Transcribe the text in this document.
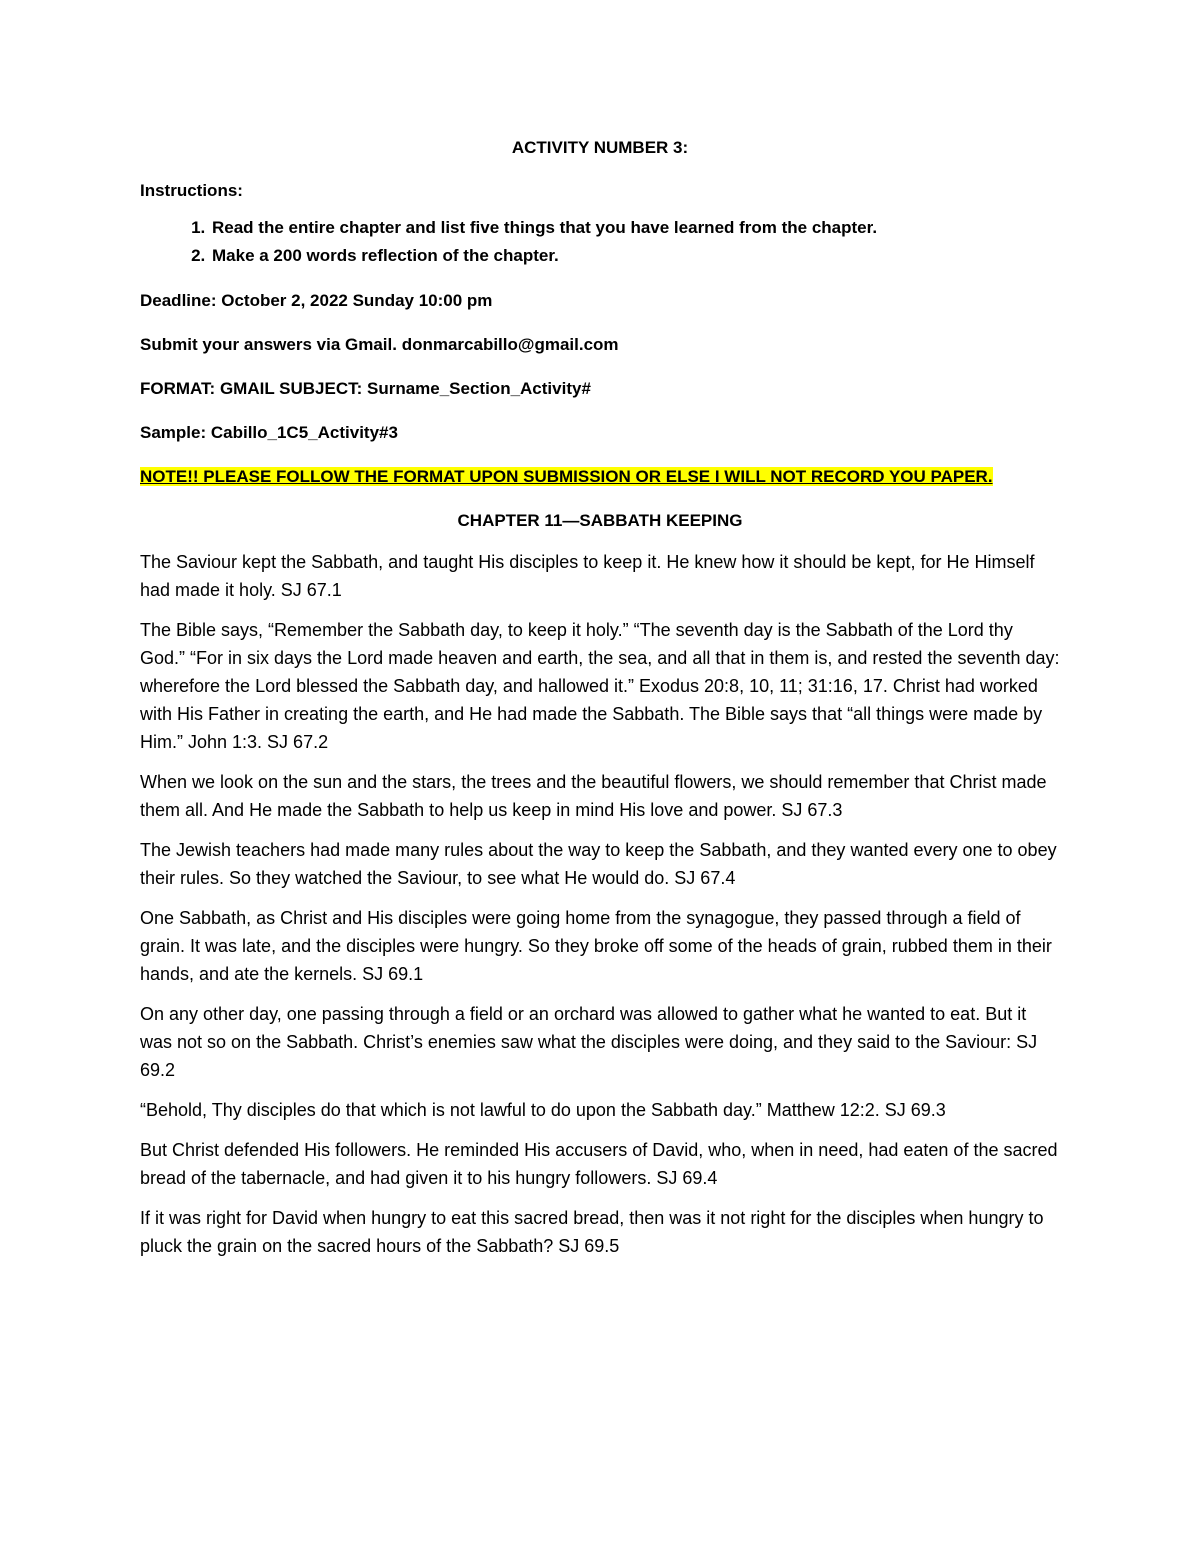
ACTIVITY NUMBER 3:
Instructions:
1. Read the entire chapter and list five things that you have learned from the chapter.
2. Make a 200 words reflection of the chapter.
Deadline: October 2, 2022 Sunday 10:00 pm
Submit your answers via Gmail. donmarcabillo@gmail.com
FORMAT: GMAIL SUBJECT: Surname_Section_Activity#
Sample: Cabillo_1C5_Activity#3
NOTE!! PLEASE FOLLOW THE FORMAT UPON SUBMISSION OR ELSE I WILL NOT RECORD YOU PAPER.
CHAPTER 11—SABBATH KEEPING

The Saviour kept the Sabbath, and taught His disciples to keep it. He knew how it should be kept, for He Himself had made it holy. SJ 67.1

The Bible says, “Remember the Sabbath day, to keep it holy.” “The seventh day is the Sabbath of the Lord thy God.” “For in six days the Lord made heaven and earth, the sea, and all that in them is, and rested the seventh day: wherefore the Lord blessed the Sabbath day, and hallowed it.” Exodus 20:8, 10, 11; 31:16, 17. Christ had worked with His Father in creating the earth, and He had made the Sabbath. The Bible says that “all things were made by Him.” John 1:3. SJ 67.2

When we look on the sun and the stars, the trees and the beautiful flowers, we should remember that Christ made them all. And He made the Sabbath to help us keep in mind His love and power. SJ 67.3

The Jewish teachers had made many rules about the way to keep the Sabbath, and they wanted every one to obey their rules. So they watched the Saviour, to see what He would do. SJ 67.4

One Sabbath, as Christ and His disciples were going home from the synagogue, they passed through a field of grain. It was late, and the disciples were hungry. So they broke off some of the heads of grain, rubbed them in their hands, and ate the kernels. SJ 69.1

On any other day, one passing through a field or an orchard was allowed to gather what he wanted to eat. But it was not so on the Sabbath. Christ’s enemies saw what the disciples were doing, and they said to the Saviour: SJ 69.2

“Behold, Thy disciples do that which is not lawful to do upon the Sabbath day.” Matthew 12:2. SJ 69.3

But Christ defended His followers. He reminded His accusers of David, who, when in need, had eaten of the sacred bread of the tabernacle, and had given it to his hungry followers. SJ 69.4

If it was right for David when hungry to eat this sacred bread, then was it not right for the disciples when hungry to pluck the grain on the sacred hours of the Sabbath? SJ 69.5
